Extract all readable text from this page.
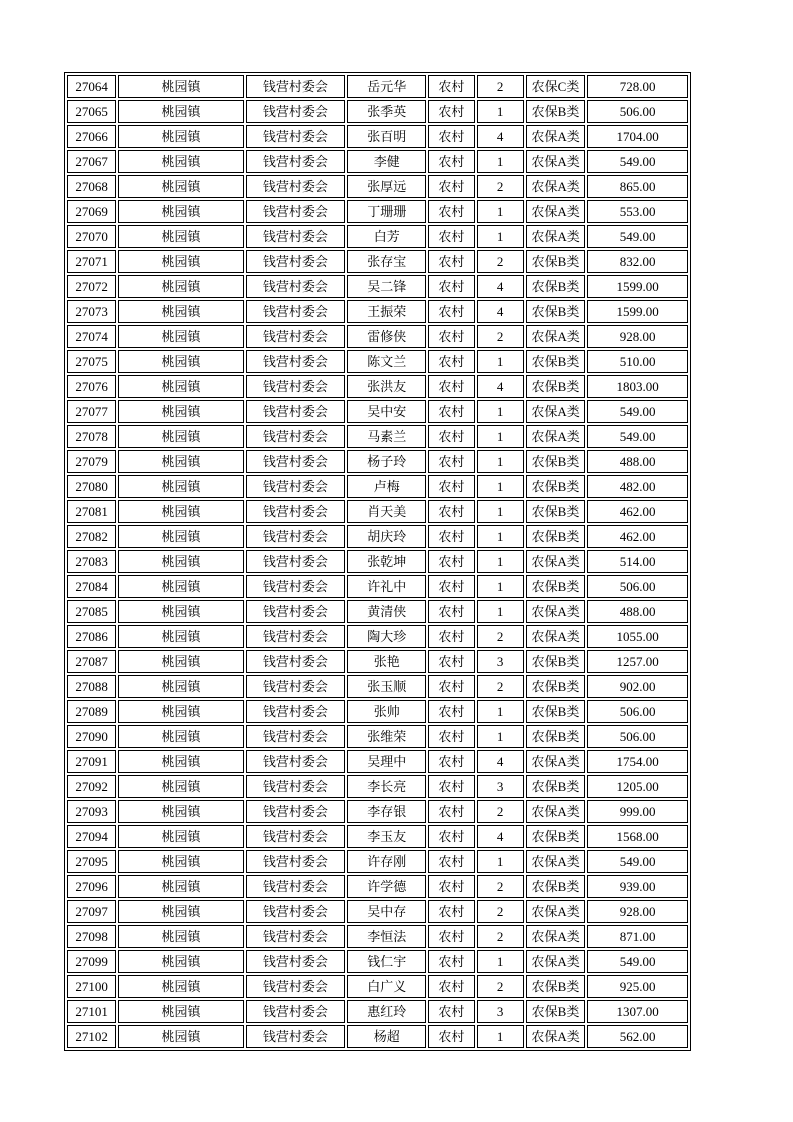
27064	桃园镇	钱营村委会	岳元华	农村	2	农保C类	728.00
27065	桃园镇	钱营村委会	张季英	农村	1	农保B类	506.00
27066	桃园镇	钱营村委会	张百明	农村	4	农保A类	1704.00
27067	桃园镇	钱营村委会	李健	农村	1	农保A类	549.00
27068	桃园镇	钱营村委会	张厚远	农村	2	农保A类	865.00
27069	桃园镇	钱营村委会	丁珊珊	农村	1	农保A类	553.00
27070	桃园镇	钱营村委会	白芳	农村	1	农保A类	549.00
27071	桃园镇	钱营村委会	张存宝	农村	2	农保B类	832.00
27072	桃园镇	钱营村委会	吴二锋	农村	4	农保B类	1599.00
27073	桃园镇	钱营村委会	王振荣	农村	4	农保B类	1599.00
27074	桃园镇	钱营村委会	雷修侠	农村	2	农保A类	928.00
27075	桃园镇	钱营村委会	陈文兰	农村	1	农保B类	510.00
27076	桃园镇	钱营村委会	张洪友	农村	4	农保B类	1803.00
27077	桃园镇	钱营村委会	吴中安	农村	1	农保A类	549.00
27078	桃园镇	钱营村委会	马素兰	农村	1	农保A类	549.00
27079	桃园镇	钱营村委会	杨子玲	农村	1	农保B类	488.00
27080	桃园镇	钱营村委会	卢梅	农村	1	农保B类	482.00
27081	桃园镇	钱营村委会	肖天美	农村	1	农保B类	462.00
27082	桃园镇	钱营村委会	胡庆玲	农村	1	农保B类	462.00
27083	桃园镇	钱营村委会	张乾坤	农村	1	农保A类	514.00
27084	桃园镇	钱营村委会	许礼中	农村	1	农保B类	506.00
27085	桃园镇	钱营村委会	黄清侠	农村	1	农保A类	488.00
27086	桃园镇	钱营村委会	陶大珍	农村	2	农保A类	1055.00
27087	桃园镇	钱营村委会	张艳	农村	3	农保B类	1257.00
27088	桃园镇	钱营村委会	张玉顺	农村	2	农保B类	902.00
27089	桃园镇	钱营村委会	张帅	农村	1	农保B类	506.00
27090	桃园镇	钱营村委会	张维荣	农村	1	农保B类	506.00
27091	桃园镇	钱营村委会	吴理中	农村	4	农保A类	1754.00
27092	桃园镇	钱营村委会	李长亮	农村	3	农保B类	1205.00
27093	桃园镇	钱营村委会	李存银	农村	2	农保A类	999.00
27094	桃园镇	钱营村委会	李玉友	农村	4	农保B类	1568.00
27095	桃园镇	钱营村委会	许存刚	农村	1	农保A类	549.00
27096	桃园镇	钱营村委会	许学德	农村	2	农保B类	939.00
27097	桃园镇	钱营村委会	吴中存	农村	2	农保A类	928.00
27098	桃园镇	钱营村委会	李恒法	农村	2	农保A类	871.00
27099	桃园镇	钱营村委会	钱仁宇	农村	1	农保A类	549.00
27100	桃园镇	钱营村委会	白广义	农村	2	农保B类	925.00
27101	桃园镇	钱营村委会	惠红玲	农村	3	农保B类	1307.00
27102	桃园镇	钱营村委会	杨超	农村	1	农保A类	562.00
